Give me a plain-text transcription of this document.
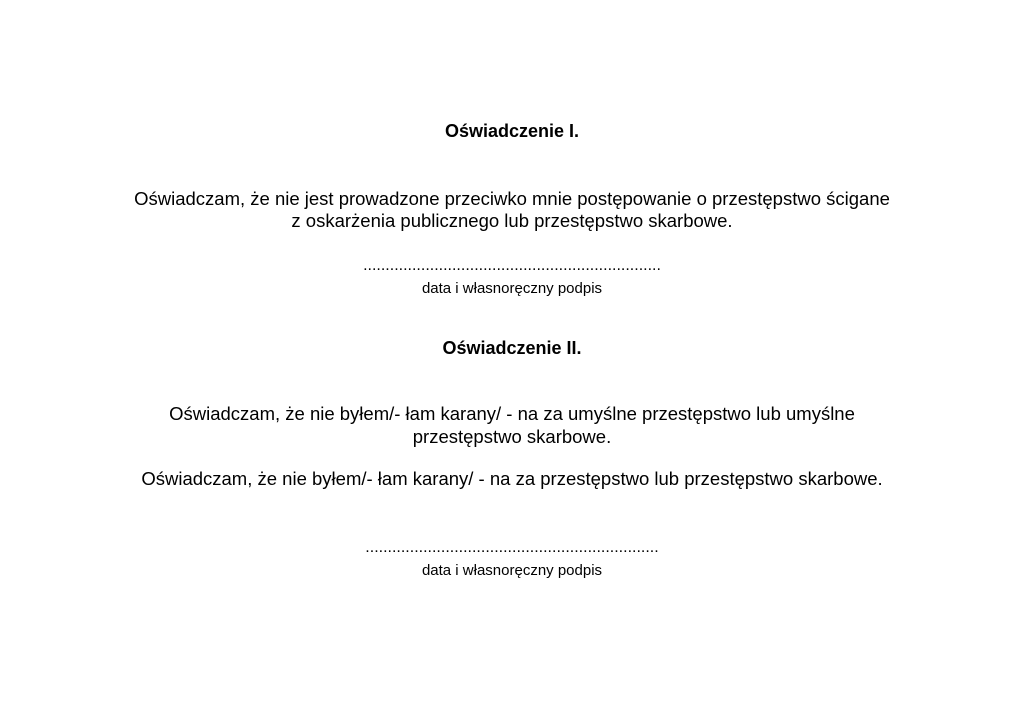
Oświadczenie I.
Oświadczam, że nie jest prowadzone przeciwko mnie postępowanie o przestępstwo ścigane
z oskarżenia publicznego lub przestępstwo skarbowe.
...................................................................
data i własnoręczny podpis
Oświadczenie II.
Oświadczam, że nie byłem/- łam karany/ - na za umyślne przestępstwo lub umyślne
przestępstwo skarbowe.
Oświadczam, że nie byłem/- łam karany/ - na za przestępstwo lub przestępstwo skarbowe.
..................................................................
data i własnoręczny podpis
